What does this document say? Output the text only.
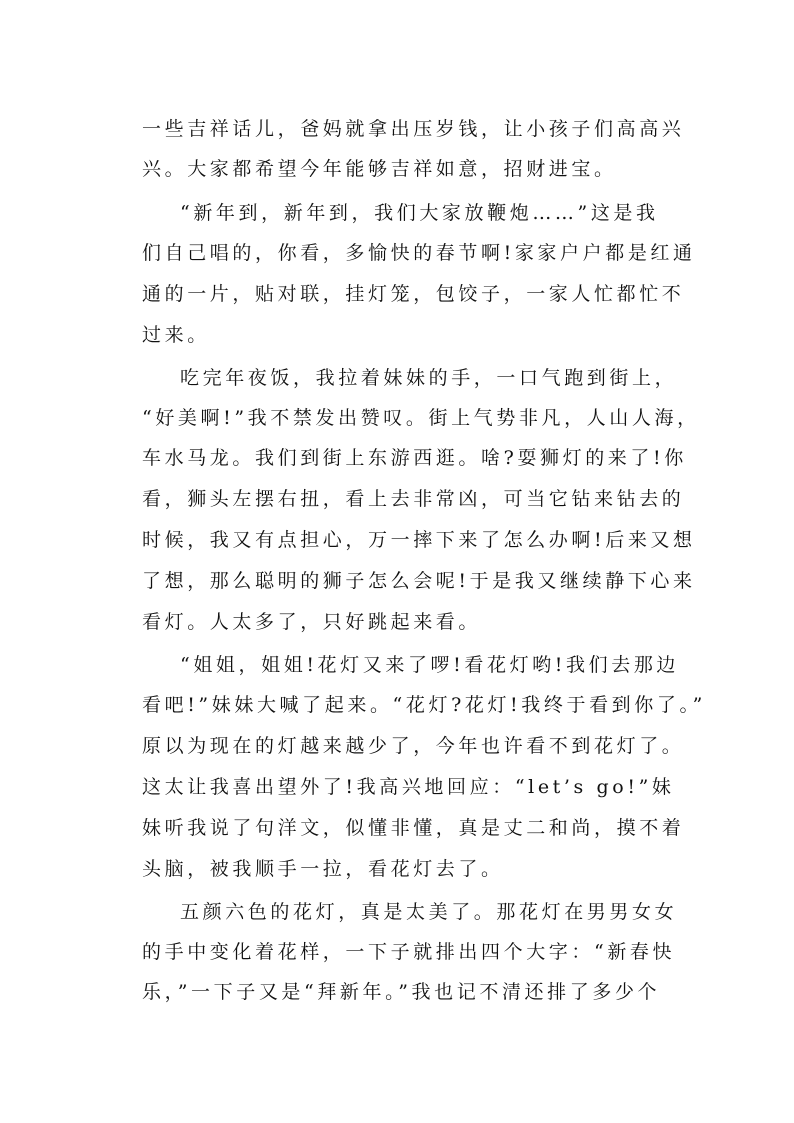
一些吉祥话儿，爸妈就拿出压岁钱，让小孩子们高高兴
兴。大家都希望今年能够吉祥如意，招财进宝。
“新年到，新年到，我们大家放鞭炮……”这是我
们自己唱的，你看，多愉快的春节啊!家家户户都是红通
通的一片，贴对联，挂灯笼，包饺子，一家人忙都忙不
过来。
吃完年夜饭，我拉着妹妹的手，一口气跑到街上，
“好美啊!”我不禁发出赞叹。街上气势非凡，人山人海，
车水马龙。我们到街上东游西逛。啥?耍狮灯的来了!你
看，狮头左摆右扭，看上去非常凶，可当它钻来钻去的
时候，我又有点担心，万一摔下来了怎么办啊!后来又想
了想，那么聪明的狮子怎么会呢!于是我又继续静下心来
看灯。人太多了，只好跳起来看。
“姐姐，姐姐!花灯又来了啰!看花灯哟!我们去那边
看吧!”妹妹大喊了起来。“花灯?花灯!我终于看到你了。”
原以为现在的灯越来越少了，今年也许看不到花灯了。
这太让我喜出望外了!我高兴地回应：“let’s go!”妹
妹听我说了句洋文，似懂非懂，真是丈二和尚，摸不着
头脑，被我顺手一拉，看花灯去了。
五颜六色的花灯，真是太美了。那花灯在男男女女
的手中变化着花样，一下子就排出四个大字：“新春快
乐，”一下子又是“拜新年。”我也记不清还排了多少个
